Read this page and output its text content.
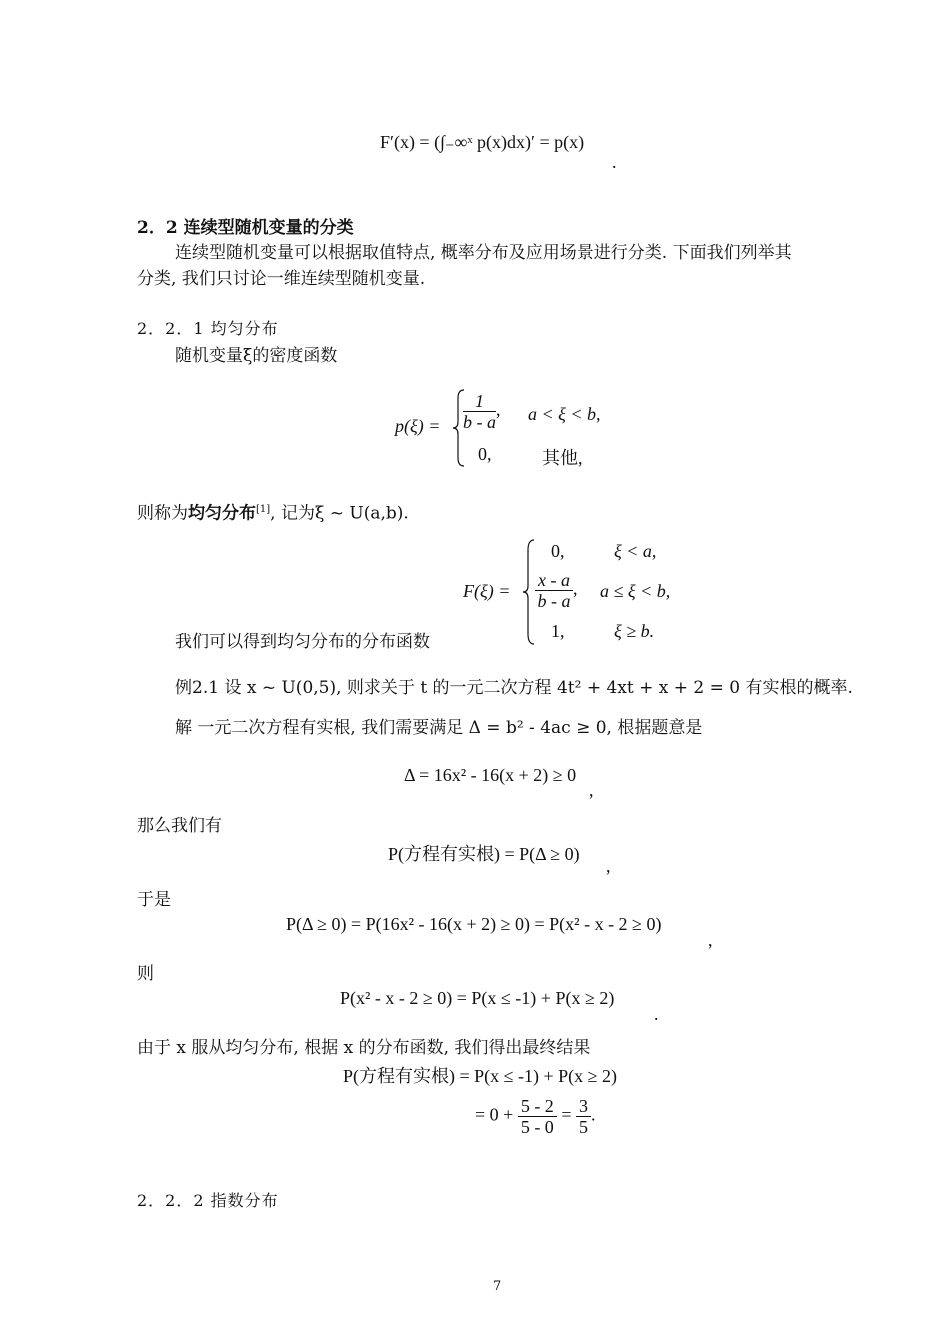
F′(x) = (∫₋∞ˣ p(x)dx)′ = p(x)
.
2．2 连续型随机变量的分类
连续型随机变量可以根据取值特点, 概率分布及应用场景进行分类. 下面我们列举其
分类, 我们只讨论一维连续型随机变量.
2．2．1 均匀分布
随机变量ξ的密度函数
$p(\xi) = \frac{1}{b - a}$ , a < ξ < b,
0,	其他,
则称为均匀分布[1], 记为ξ ~ U(a,b).
F(ξ) =
0,	ξ < a,
$\frac{x - a}{b - a}$ , a ≤ ξ < b,
1,	ξ ≥ b.
我们可以得到均匀分布的分布函数
例2.1 设 x ~ U(0,5), 则求关于 t 的一元二次方程 4t² + 4xt + x + 2 = 0 有实根的概率.
解 一元二次方程有实根, 我们需要满足 Δ = b² - 4ac ≥ 0, 根据题意是
Δ = 16x² - 16(x + 2) ≥ 0
,
那么我们有
P(方程有实根) = P(Δ ≥ 0)
,
于是
P(Δ ≥ 0) = P(16x² - 16(x + 2) ≥ 0) = P(x² - x - 2 ≥ 0)
,
则
P(x² - x - 2 ≥ 0) = P(x ≤ -1) + P(x ≥ 2)
.
由于 x 服从均匀分布, 根据 x 的分布函数, 我们得出最终结果
P(方程有实根) = P(x ≤ -1) + P(x ≥ 2)
= $0 + \frac{5 - 2}{5 - 0} = \frac{3}{5}$ .
2．2．2 指数分布
7
